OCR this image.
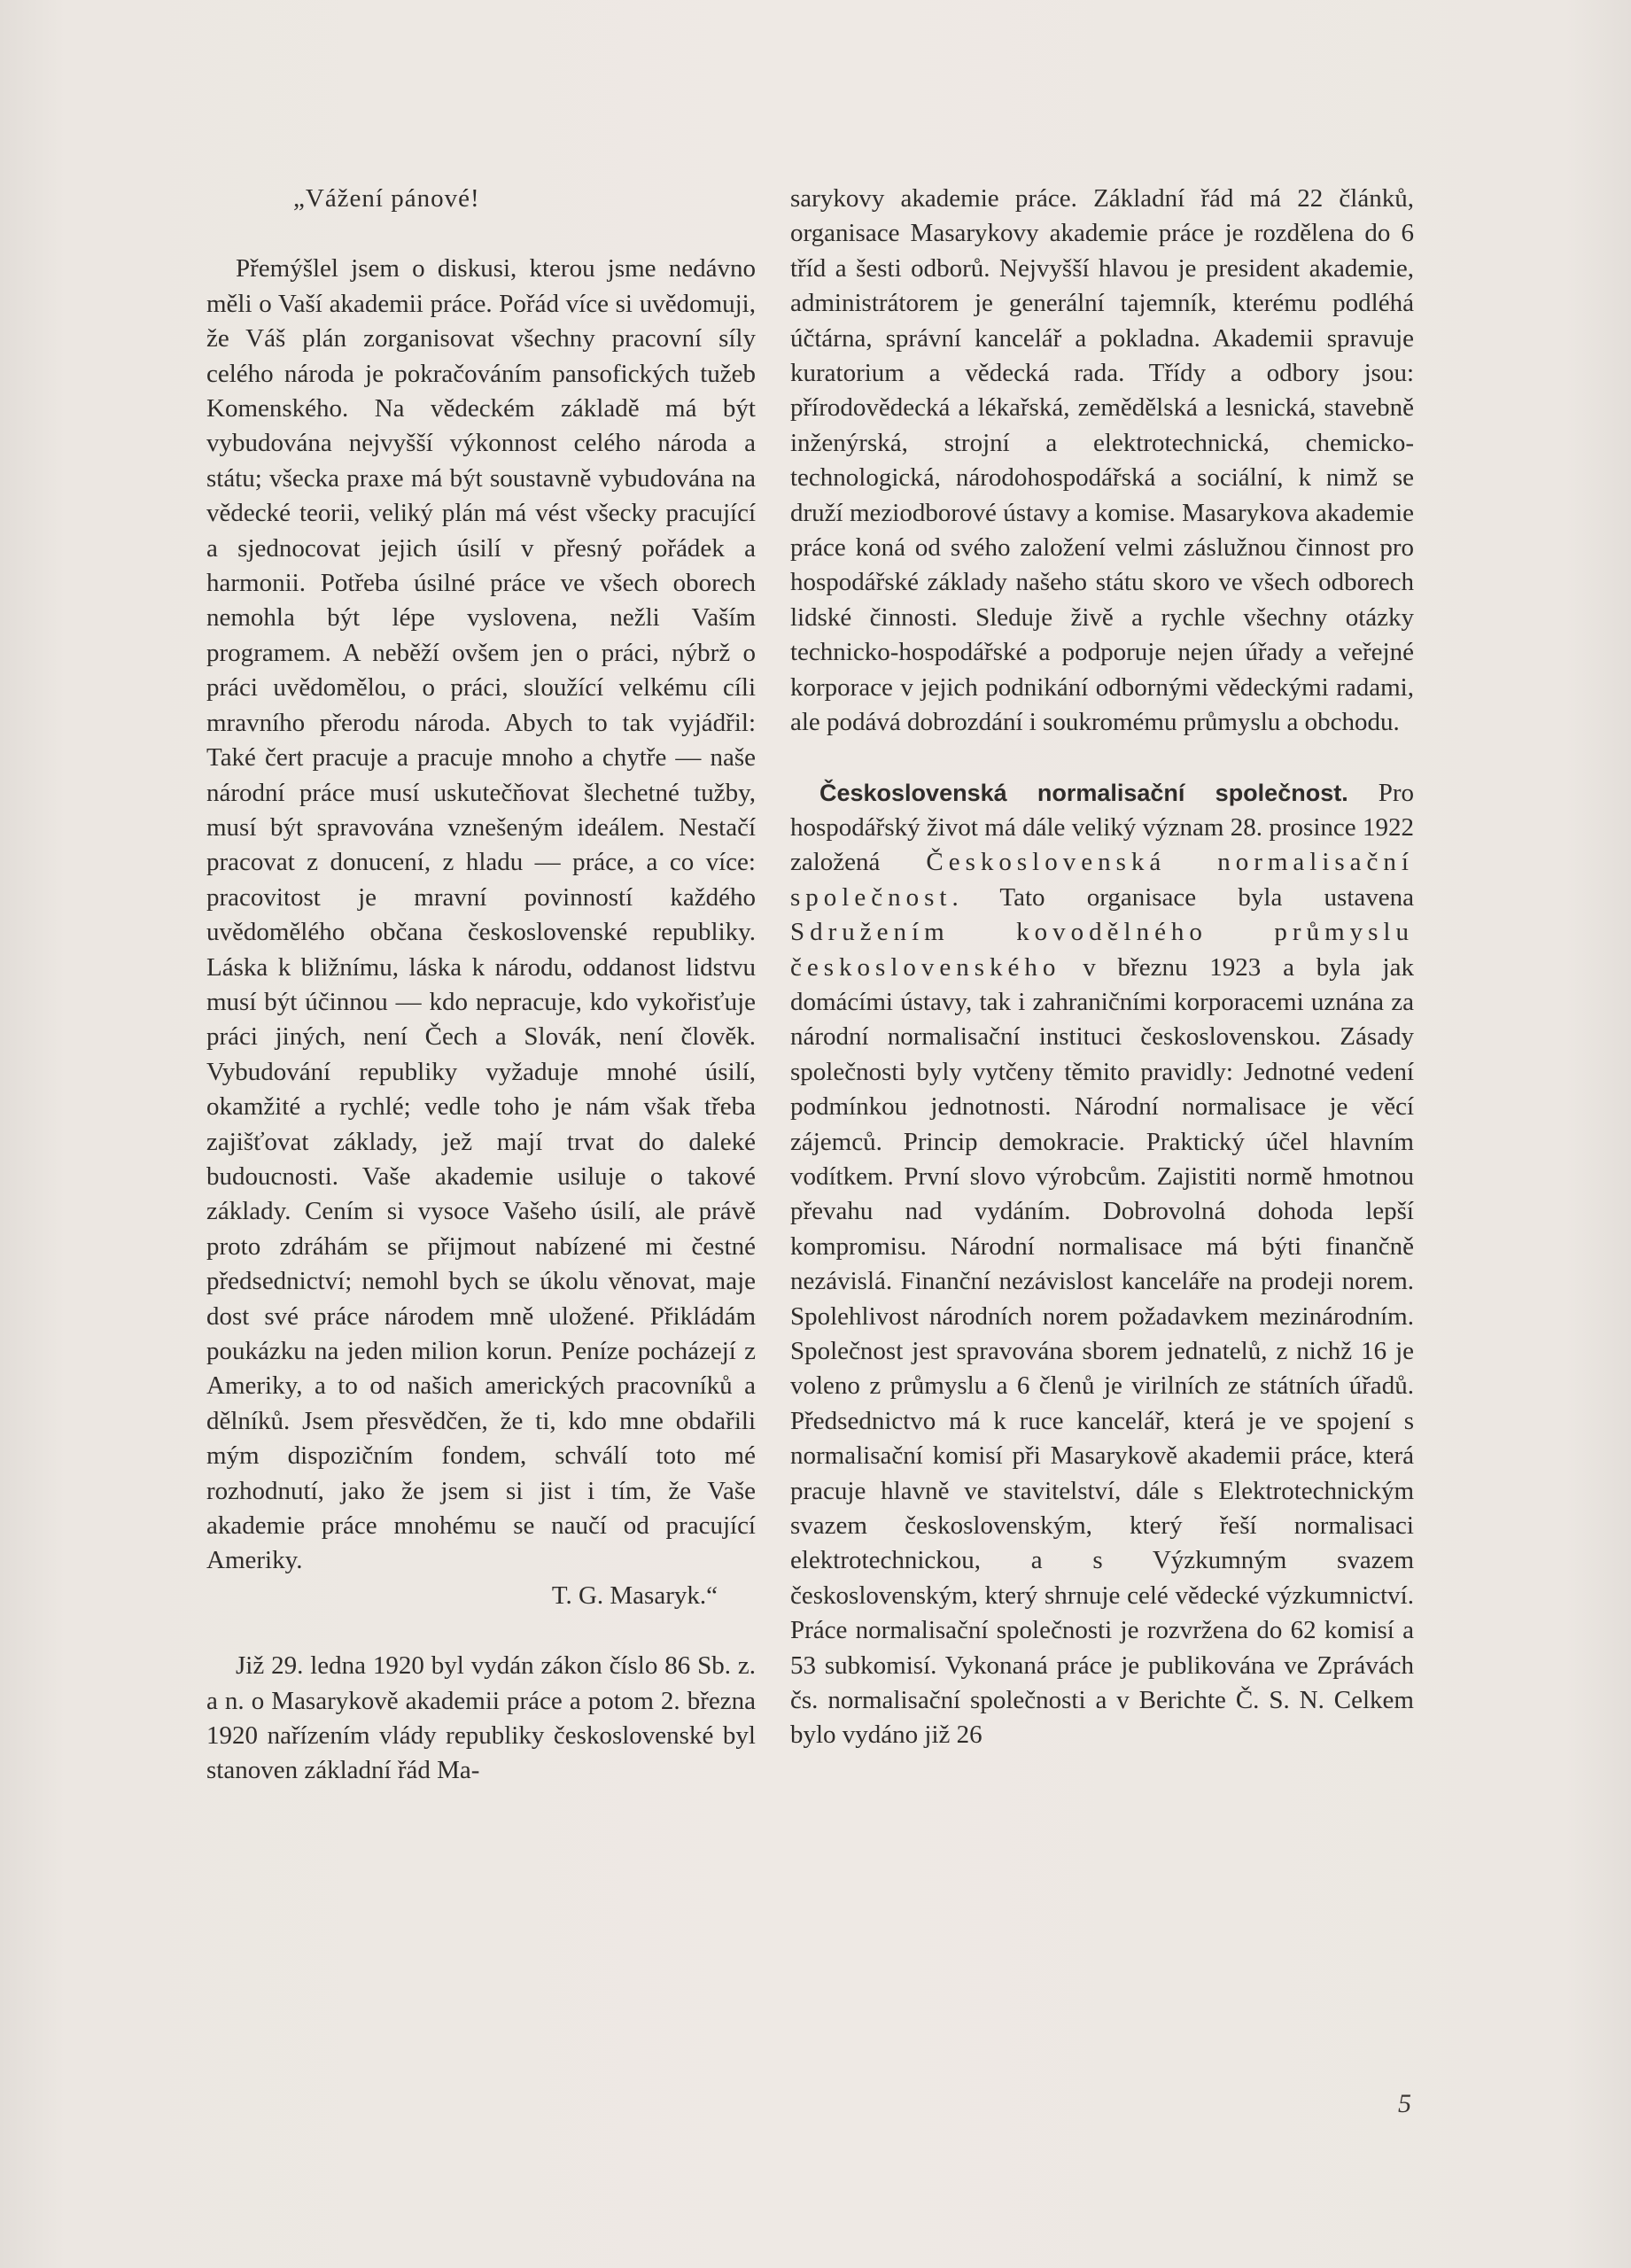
„Vážení pánové!

Přemýšlel jsem o diskusi, kterou jsme nedávno měli o Vaší akademii práce. Pořád více si uvědomuji, že Váš plán zorganisovat všechny pracovní síly celého národa je pokračováním pansofických tužeb Komenského. Na vědeckém základě má být vybudována nejvyšší výkonnost celého národa a státu; všecka praxe má být soustavně vybudována na vědecké teorii, veliký plán má vést všecky pracující a sjednocovat jejich úsilí v přesný pořádek a harmonii. Potřeba úsilné práce ve všech oborech nemohla být lépe vyslovena, nežli Vaším programem. A neběží ovšem jen o práci, nýbrž o práci uvědomělou, o práci, sloužící velkému cíli mravního přerodu národa. Abych to tak vyjádřil: Také čert pracuje a pracuje mnoho a chytře — naše národní práce musí uskutečňovat šlechetné tužby, musí být spravována vznešeným ideálem. Nestačí pracovat z donucení, z hladu — práce, a co více: pracovitost je mravní povinností každého uvědomělého občana československé republiky. Láska k bližnímu, láska k národu, oddanost lidstvu musí být účinnou — kdo nepracuje, kdo vykořisťuje práci jiných, není Čech a Slovák, není člověk. Vybudování republiky vyžaduje mnohé úsilí, okamžité a rychlé; vedle toho je nám však třeba zajišťovat základy, jež mají trvat do daleké budoucnosti. Vaše akademie usiluje o takové základy. Cením si vysoce Vašeho úsilí, ale právě proto zdráhám se přijmout nabízené mi čestné předsednictví; nemohl bych se úkolu věnovat, maje dost své práce národem mně uložené. Přikládám poukázku na jeden milion korun. Peníze pocházejí z Ameriky, a to od našich amerických pracovníků a dělníků. Jsem přesvědčen, že ti, kdo mne obdařili mým dispozičním fondem, schválí toto mé rozhodnutí, jako že jsem si jist i tím, že Vaše akademie práce mnohému se naučí od pracující Ameriky.

T. G. Masaryk.“

Již 29. ledna 1920 byl vydán zákon číslo 86 Sb. z. a n. o Masarykově akademii práce a potom 2. března 1920 nařízením vlády republiky československé byl stanoven základní řád Ma-

sarykovy akademie práce. Základní řád má 22 článků, organisace Masarykovy akademie práce je rozdělena do 6 tříd a šesti odborů. Nejvyšší hlavou je president akademie, administrátorem je generální tajemník, kterému podléhá účtárna, správní kancelář a pokladna. Akademii spravuje kuratorium a vědecká rada. Třídy a odbory jsou: přírodovědecká a lékařská, zemědělská a lesnická, stavebně inženýrská, strojní a elektrotechnická, chemicko-technologická, národohospodářská a sociální, k nimž se druží meziodborové ústavy a komise. Masarykova akademie práce koná od svého založení velmi záslužnou činnost pro hospodářské základy našeho státu skoro ve všech odborech lidské činnosti. Sleduje živě a rychle všechny otázky technicko-hospodářské a podporuje nejen úřady a veřejné korporace v jejich podnikání odbornými vědeckými radami, ale podává dobrozdání i soukromému průmyslu a obchodu.

Československá normalisační společnost. Pro hospodářský život má dále veliký význam 28. prosince 1922 založená Československá normalisační společnost. Tato organisace byla ustavena Sdružením kovodělného průmyslu československého v březnu 1923 a byla jak domácími ústavy, tak i zahraničními korporacemi uznána za národní normalisační instituci československou. Zásady společnosti byly vytčeny těmito pravidly: Jednotné vedení podmínkou jednotnosti. Národní normalisace je věcí zájemců. Princip demokracie. Praktický účel hlavním vodítkem. První slovo výrobcům. Zajistiti normě hmotnou převahu nad vydáním. Dobrovolná dohoda lepší kompromisu. Národní normalisace má býti finančně nezávislá. Finanční nezávislost kanceláře na prodeji norem. Spolehlivost národních norem požadavkem mezinárodním. Společnost jest spravována sborem jednatelů, z nichž 16 je voleno z průmyslu a 6 členů je virilních ze státních úřadů. Předsednictvo má k ruce kancelář, která je ve spojení s normalisační komisí při Masarykově akademii práce, která pracuje hlavně ve stavitelství, dále s Elektrotechnickým svazem československým, který řeší normalisaci elektrotechnickou, a s Výzkumným svazem československým, který shrnuje celé vědecké výzkumnictví. Práce normalisační společnosti je rozvržena do 62 komisí a 53 subkomisí. Vykonaná práce je publikována ve Zprávách čs. normalisační společnosti a v Berichte Č. S. N. Celkem bylo vydáno již 26

5
